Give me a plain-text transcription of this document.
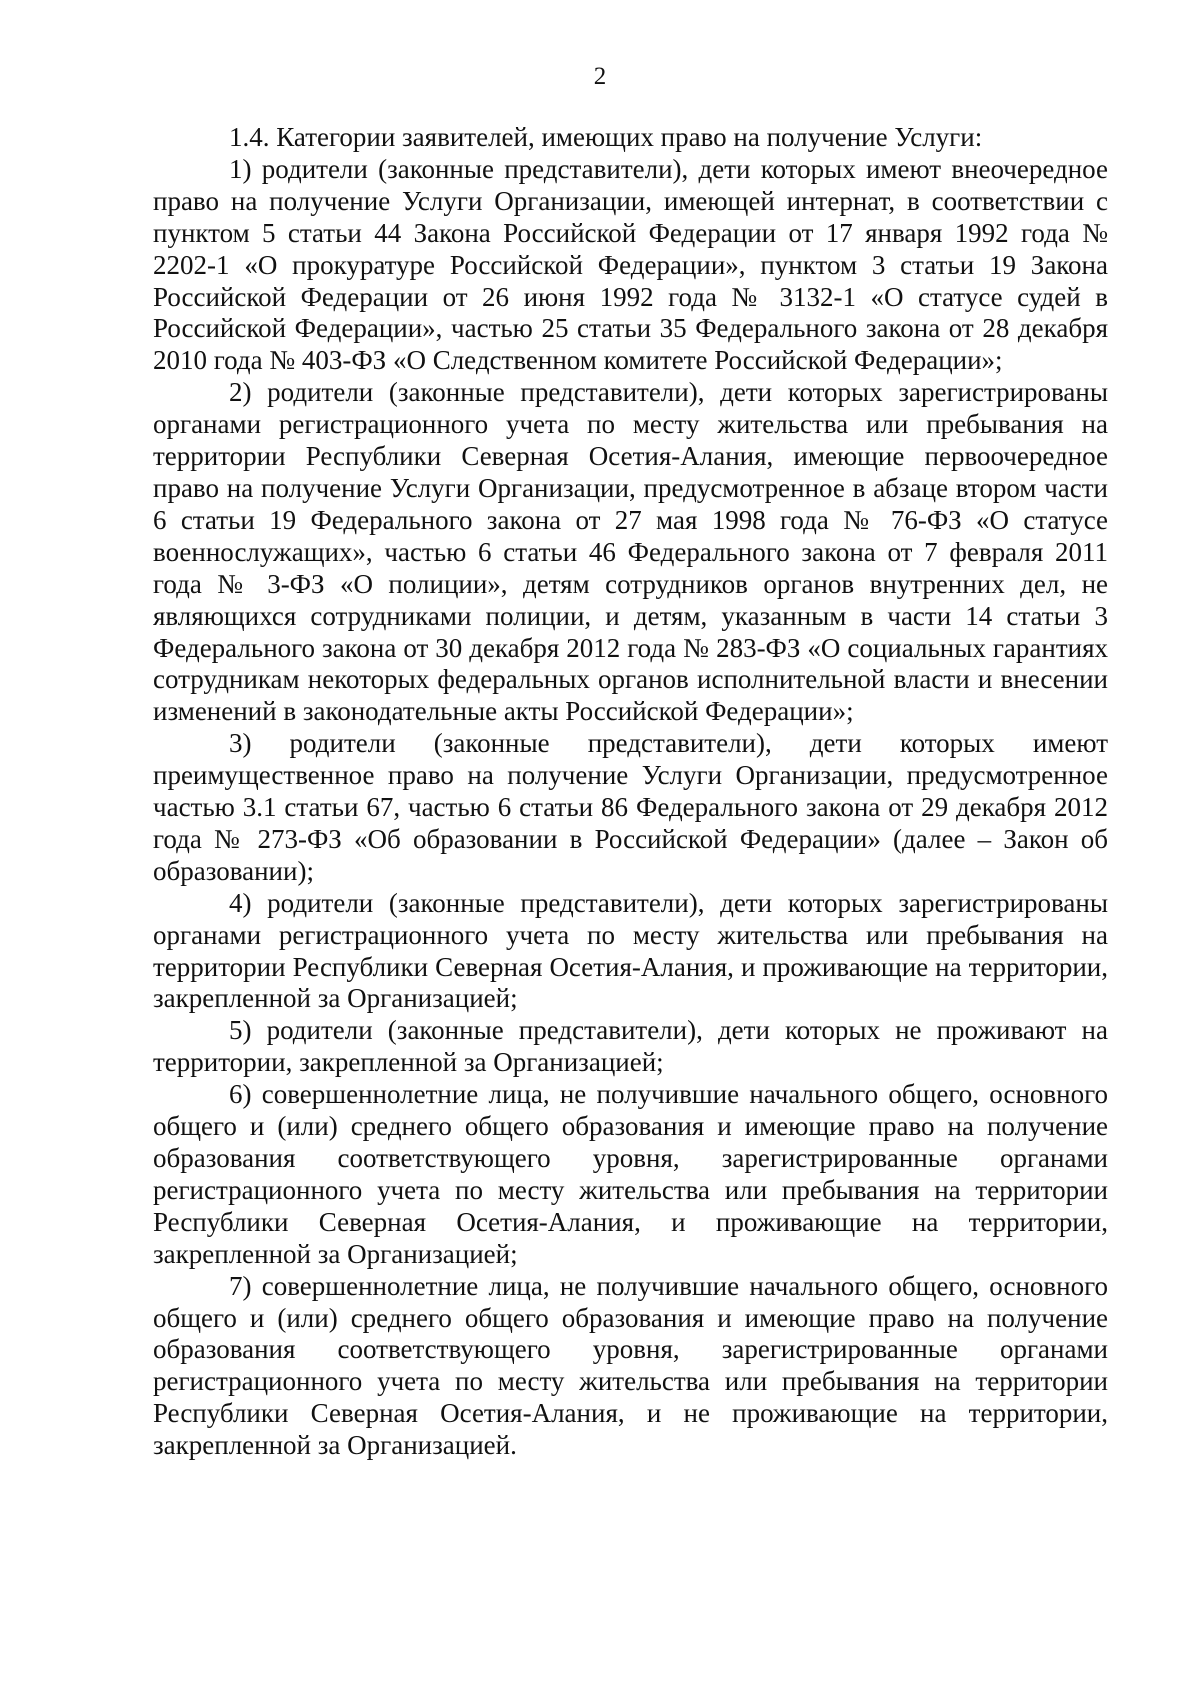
2

1.4. Категории заявителей, имеющих право на получение Услуги:

1) родители (законные представители), дети которых имеют внеочередное право на получение Услуги Организации, имеющей интернат, в соответствии с пунктом 5 статьи 44 Закона Российской Федерации от 17 января 1992 года № 2202-1 «О прокуратуре Российской Федерации», пунктом 3 статьи 19 Закона Российской Федерации от 26 июня 1992 года № 3132-1 «О статусе судей в Российской Федерации», частью 25 статьи 35 Федерального закона от 28 декабря 2010 года № 403-ФЗ «О Следственном комитете Российской Федерации»;

2) родители (законные представители), дети которых зарегистрированы органами регистрационного учета по месту жительства или пребывания на территории Республики Северная Осетия-Алания, имеющие первоочередное право на получение Услуги Организации, предусмотренное в абзаце втором части 6 статьи 19 Федерального закона от 27 мая 1998 года № 76-ФЗ «О статусе военнослужащих», частью 6 статьи 46 Федерального закона от 7 февраля 2011 года № 3-ФЗ «О полиции», детям сотрудников органов внутренних дел, не являющихся сотрудниками полиции, и детям, указанным в части 14 статьи 3 Федерального закона от 30 декабря 2012 года № 283-ФЗ «О социальных гарантиях сотрудникам некоторых федеральных органов исполнительной власти и внесении изменений в законодательные акты Российской Федерации»;

3) родители (законные представители), дети которых имеют преимущественное право на получение Услуги Организации, предусмотренное частью 3.1 статьи 67, частью 6 статьи 86 Федерального закона от 29 декабря 2012 года № 273-ФЗ «Об образовании в Российской Федерации» (далее – Закон об образовании);

4) родители (законные представители), дети которых зарегистрированы органами регистрационного учета по месту жительства или пребывания на территории Республики Северная Осетия-Алания, и проживающие на территории, закрепленной за Организацией;

5) родители (законные представители), дети которых не проживают на территории, закрепленной за Организацией;

6) совершеннолетние лица, не получившие начального общего, основного общего и (или) среднего общего образования и имеющие право на получение образования соответствующего уровня, зарегистрированные органами регистрационного учета по месту жительства или пребывания на территории Республики Северная Осетия-Алания, и проживающие на территории, закрепленной за Организацией;

7) совершеннолетние лица, не получившие начального общего, основного общего и (или) среднего общего образования и имеющие право на получение образования соответствующего уровня, зарегистрированные органами регистрационного учета по месту жительства или пребывания на территории Республики Северная Осетия-Алания, и не проживающие на территории, закрепленной за Организацией.
